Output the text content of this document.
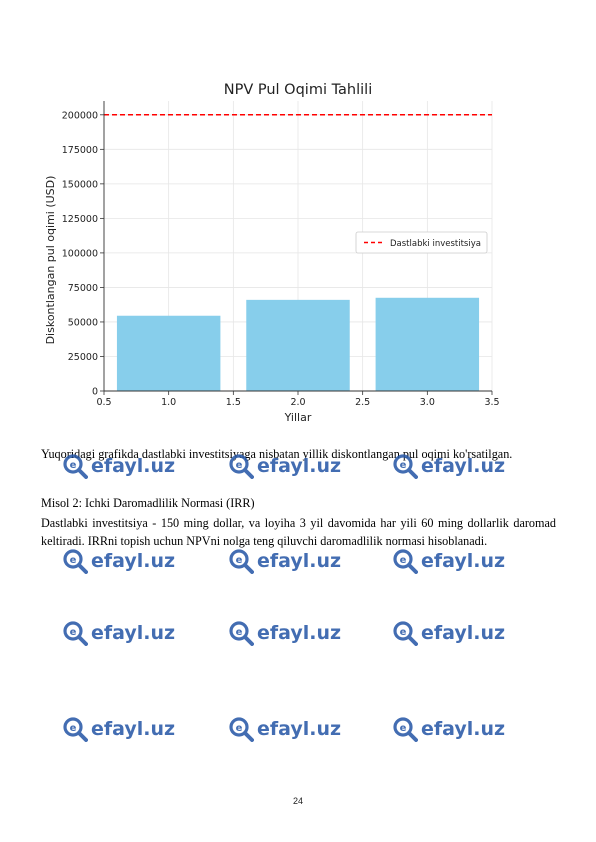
NPV Pul Oqimi Tahlili
0.5	1.0	1.5	2.0	2.5	3.0	3.5
0
25000
50000
75000
100000
125000
150000
175000
200000
Yillar
Diskontlangan pul oqimi (USD)	Dastlabki investitsiya

Yuqoridagi grafikda dastlabki investitsiyaga nisbatan yillik diskontlangan pul oqimi ko'rsatilgan.

Misol 2: Ichki Daromadlilik Normasi (IRR)

Dastlabki investitsiya - 150 ming dollar, va loyiha 3 yil davomida har yili 60 ming dollarlik daromad keltiradi. IRRni topish uchun NPVni nolga teng qiluvchi daromadlilik normasi hisoblanadi.

24
e efayl.uz	e efayl.uz	e efayl.uz
e efayl.uz	e efayl.uz	e efayl.uz
e efayl.uz	e efayl.uz	e efayl.uz
e efayl.uz	e efayl.uz	e efayl.uz
